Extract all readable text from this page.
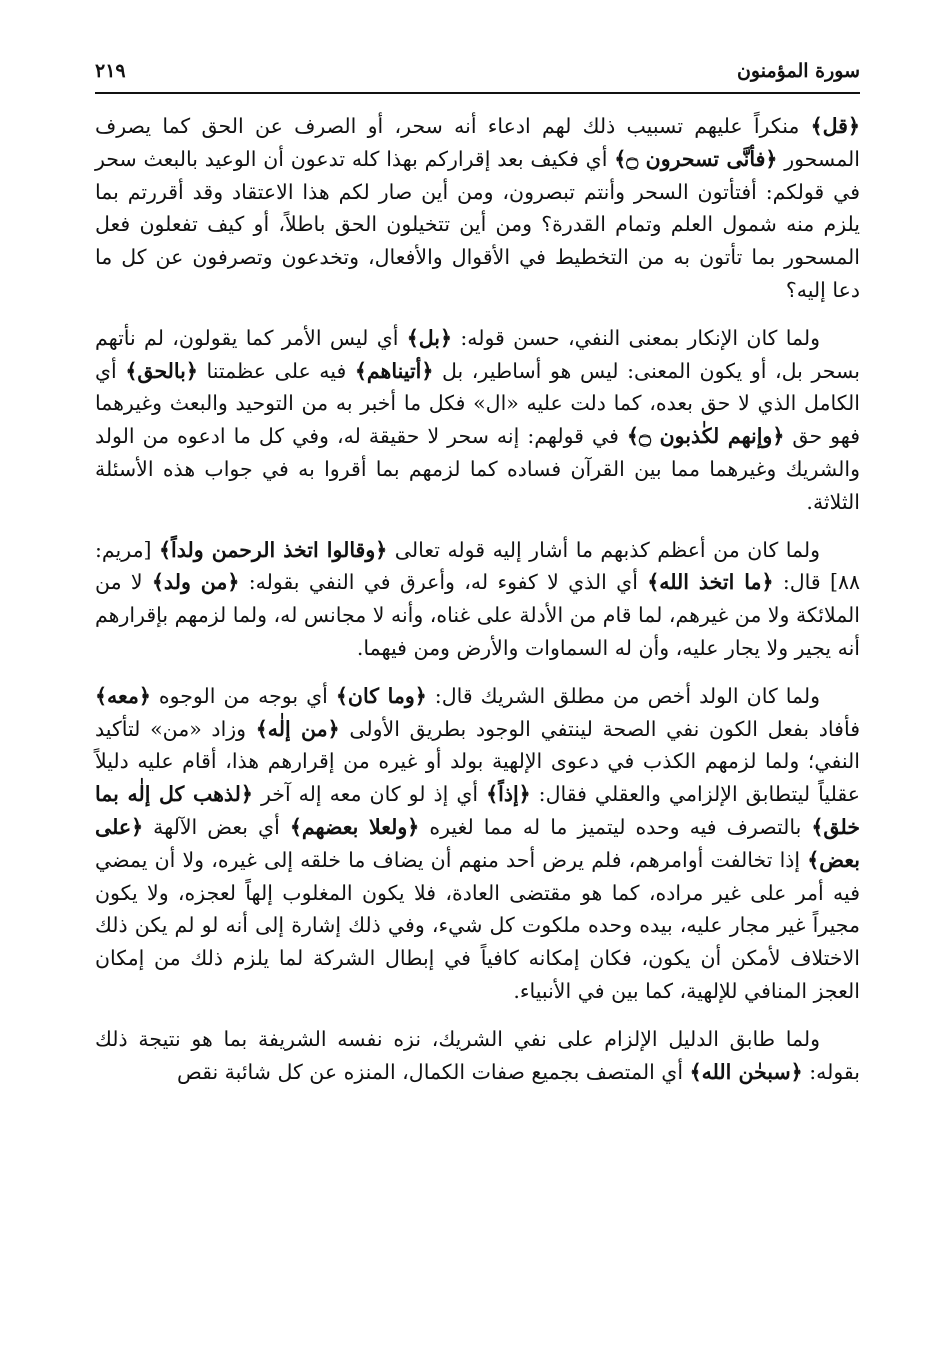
سورة المؤمنون
٢١٩

﴿قل﴾ منكراً عليهم تسبيب ذلك لهم ادعاء أنه سحر، أو الصرف عن الحق كما يصرف المسحور ﴿فأنَّى تسحرون ۝﴾ أي فكيف بعد إقراركم بهذا كله تدعون أن الوعيد بالبعث سحر في قولكم: أفتأتون السحر وأنتم تبصرون، ومن أين صار لكم هذا الاعتقاد وقد أقررتم بما يلزم منه شمول العلم وتمام القدرة؟ ومن أين تتخيلون الحق باطلاً، أو كيف تفعلون فعل المسحور بما تأتون به من التخطيط في الأقوال والأفعال، وتخدعون وتصرفون عن كل ما دعا إليه؟

ولما كان الإنكار بمعنى النفي، حسن قوله: ﴿بل﴾ أي ليس الأمر كما يقولون، لم نأتهم بسحر بل، أو يكون المعنى: ليس هو أساطير، بل ﴿أتيناهم﴾ فيه على عظمتنا ﴿بالحق﴾ أي الكامل الذي لا حق بعده، كما دلت عليه «ال» فكل ما أخبر به من التوحيد والبعث وغيرهما فهو حق ﴿وإنهم لكٰذبون ۝﴾ في قولهم: إنه سحر لا حقيقة له، وفي كل ما ادعوه من الولد والشريك وغيرهما مما بين القرآن فساده كما لزمهم بما أقروا به في جواب هذه الأسئلة الثلاثة.

ولما كان من أعظم كذبهم ما أشار إليه قوله تعالى ﴿وقالوا اتخذ الرحمن ولداً﴾ [مريم: ٨٨] قال: ﴿ما اتخذ الله﴾ أي الذي لا كفوء له، وأعرق في النفي بقوله: ﴿من ولد﴾ لا من الملائكة ولا من غيرهم، لما قام من الأدلة على غناه، وأنه لا مجانس له، ولما لزمهم بإقرارهم أنه يجير ولا يجار عليه، وأن له السماوات والأرض ومن فيهما.

ولما كان الولد أخص من مطلق الشريك قال: ﴿وما كان﴾ أي بوجه من الوجوه ﴿معه﴾ فأفاد بفعل الكون نفي الصحة لينتفي الوجود بطريق الأولى ﴿من إلٰه﴾ وزاد «من» لتأكيد النفي؛ ولما لزمهم الكذب في دعوى الإلهية بولد أو غيره من إقرارهم هذا، أقام عليه دليلاً عقلياً ليتطابق الإلزامي والعقلي فقال: ﴿إذاً﴾ أي إذ لو كان معه إله آخر ﴿لذهب كل إلٰه بما خلق﴾ بالتصرف فيه وحده ليتميز ما له مما لغيره ﴿ولعلا بعضهم﴾ أي بعض الآلهة ﴿على بعض﴾ إذا تخالفت أوامرهم، فلم يرض أحد منهم أن يضاف ما خلقه إلى غيره، ولا أن يمضي فيه أمر على غير مراده، كما هو مقتضى العادة، فلا يكون المغلوب إلهاً لعجزه، ولا يكون مجيراً غير مجار عليه، بيده وحده ملكوت كل شيء، وفي ذلك إشارة إلى أنه لو لم يكن ذلك الاختلاف لأمكن أن يكون، فكان إمكانه كافياً في إبطال الشركة لما يلزم ذلك من إمكان العجز المنافي للإلهية، كما بين في الأنبياء.

ولما طابق الدليل الإلزام على نفي الشريك، نزه نفسه الشريفة بما هو نتيجة ذلك بقوله: ﴿سبحٰن الله﴾ أي المتصف بجميع صفات الكمال، المنزه عن كل شائبة نقص
